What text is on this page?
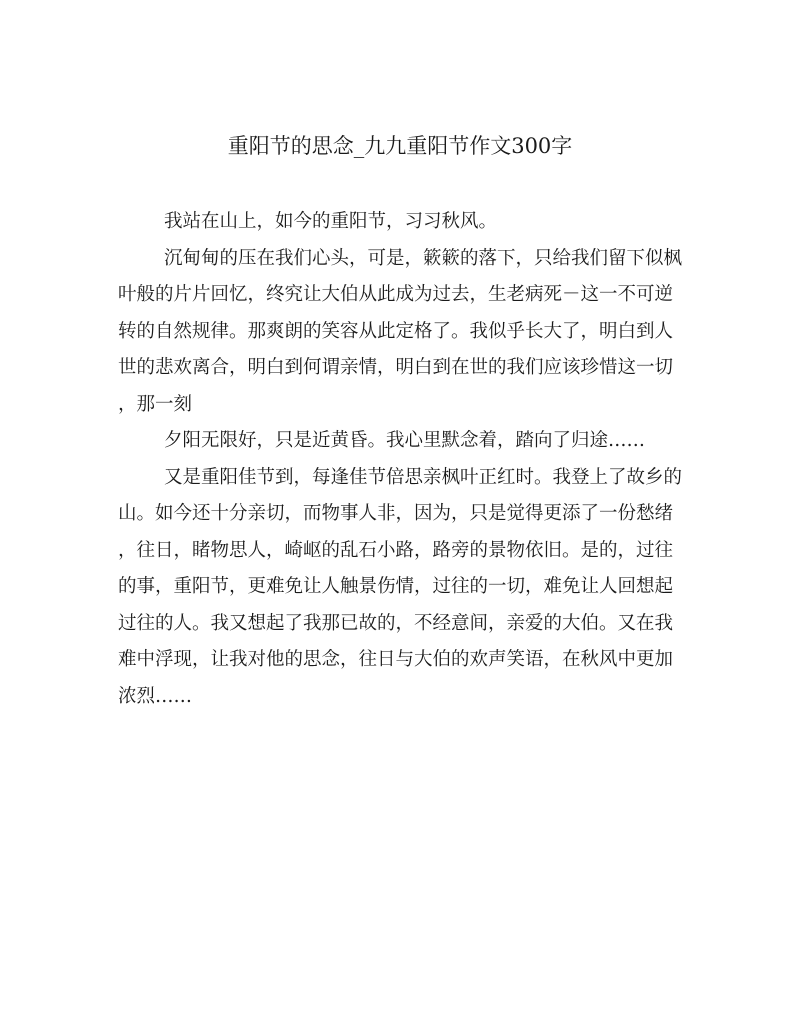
重阳节的思念_九九重阳节作文300字
我站在山上，如今的重阳节，习习秋风。
沉甸甸的压在我们心头，可是，簌簌的落下，只给我们留下似枫
叶般的片片回忆，终究让大伯从此成为过去，生老病死－这一不可逆
转的自然规律。那爽朗的笑容从此定格了。我似乎长大了，明白到人
世的悲欢离合，明白到何谓亲情，明白到在世的我们应该珍惜这一切
，那一刻
夕阳无限好，只是近黄昏。我心里默念着，踏向了归途……
又是重阳佳节到，每逢佳节倍思亲枫叶正红时。我登上了故乡的
山。如今还十分亲切，而物事人非，因为，只是觉得更添了一份愁绪
，往日，睹物思人，崎岖的乱石小路，路旁的景物依旧。是的，过往
的事，重阳节，更难免让人触景伤情，过往的一切，难免让人回想起
过往的人。我又想起了我那已故的，不经意间，亲爱的大伯。又在我
难中浮现，让我对他的思念，往日与大伯的欢声笑语，在秋风中更加
浓烈……
